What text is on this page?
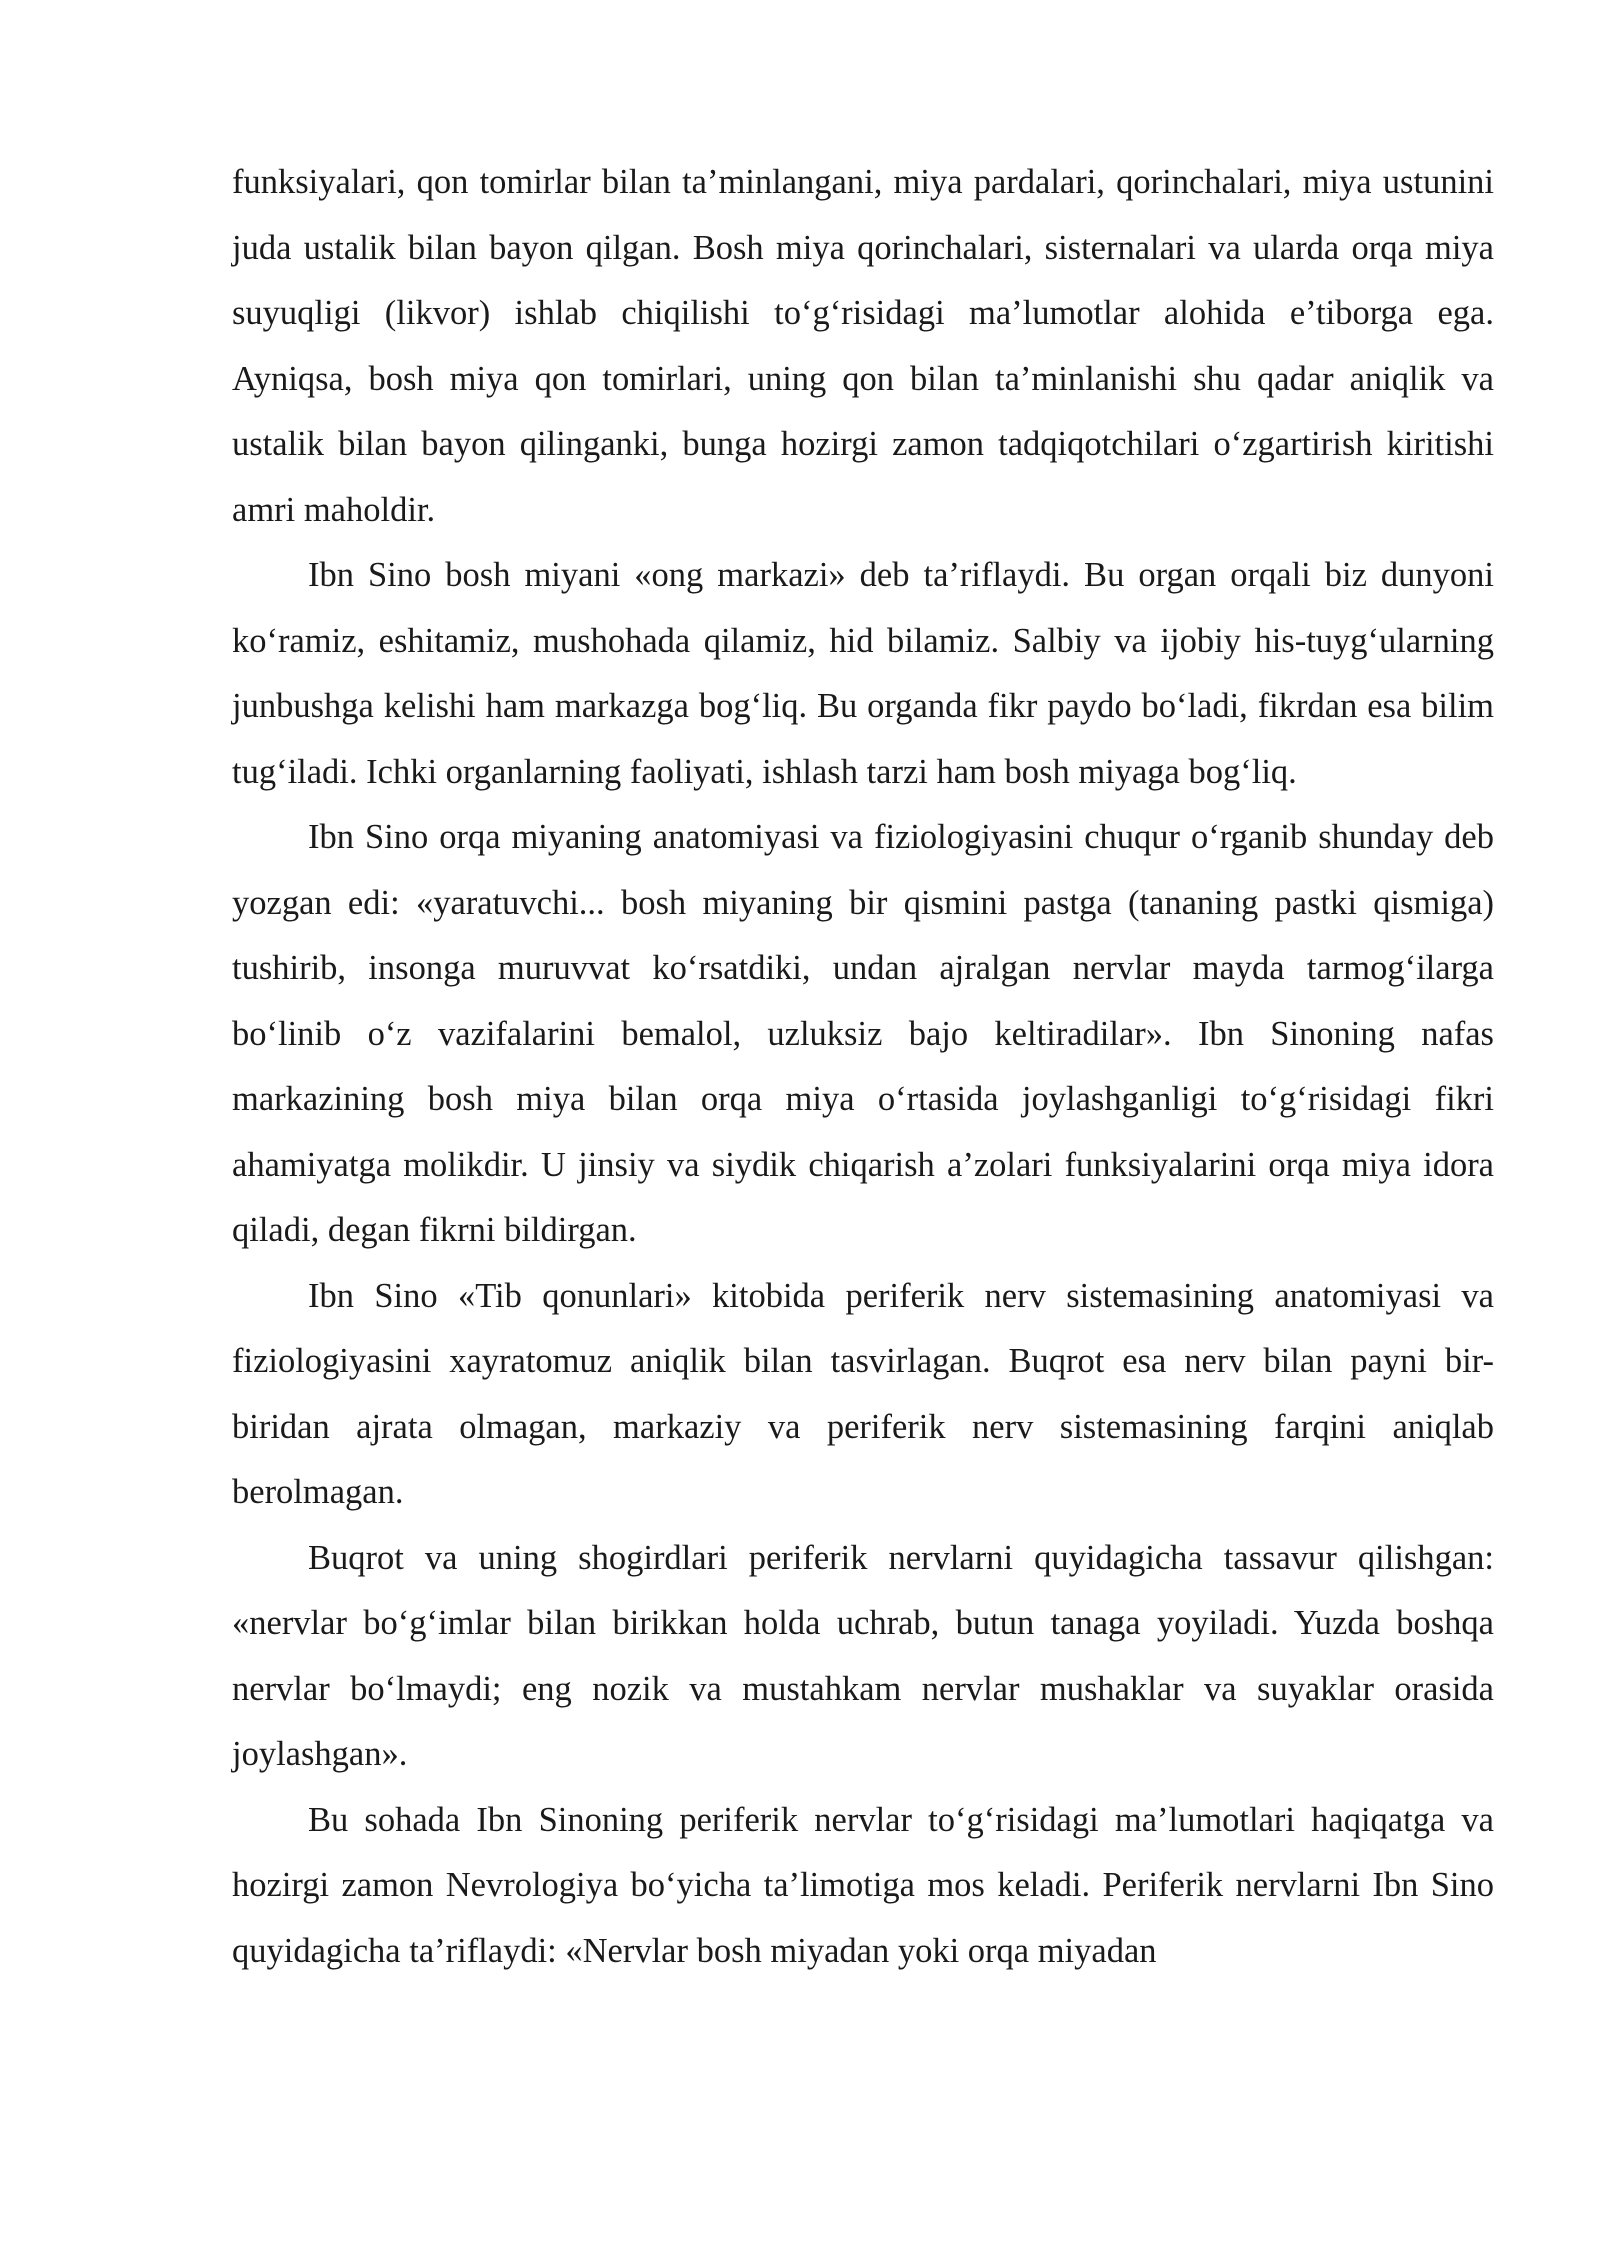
funksiyalari, qon tomirlar bilan ta’minlangani, miya pardalari, qorinchalari, miya ustunini juda ustalik bilan bayon qilgan. Bosh miya qorinchalari, sisternalari va ularda orqa miya suyuqligi (likvor) ishlab chiqilishi to‘g‘risidagi ma’lumotlar alohida e’tiborga ega. Ayniqsa, bosh miya qon tomirlari, uning qon bilan ta’minlanishi shu qadar aniqlik va ustalik bilan bayon qilinganki, bunga hozirgi zamon tadqiqotchilari o‘zgartirish kiritishi amri maholdir.

Ibn Sino bosh miyani «ong markazi» deb ta’riflaydi. Bu organ orqali biz dunyoni ko‘ramiz, eshitamiz, mushohada qilamiz, hid bilamiz. Salbiy va ijobiy his-tuyg‘ularning junbushga kelishi ham markazga bog‘liq. Bu organda fikr paydo bo‘ladi, fikrdan esa bilim tug‘iladi. Ichki organlarning faoliyati, ishlash tarzi ham bosh miyaga bog‘liq.

Ibn Sino orqa miyaning anatomiyasi va fiziologiyasini chuqur o‘rganib shunday deb yozgan edi: «yaratuvchi... bosh miyaning bir qismini pastga (tananing pastki qismiga) tushirib, insonga muruvvat ko‘rsatdiki, undan ajralgan nervlar mayda tarmog‘ilarga bo‘linib o‘z vazifalarini bemalol, uzluksiz bajo keltiradilar». Ibn Sinoning nafas markazining bosh miya bilan orqa miya o‘rtasida joylashganligi to‘g‘risidagi fikri ahamiyatga molikdir. U jinsiy va siydik chiqarish a’zolari funksiyalarini orqa miya idora qiladi, degan fikrni bildirgan.

Ibn Sino «Tib qonunlari» kitobida periferik nerv sistemasining anatomiyasi va fiziologiyasini xayratomuz aniqlik bilan tasvirlagan. Buqrot esa nerv bilan payni bir-biridan ajrata olmagan, markaziy va periferik nerv sistemasining farqini aniqlab berolmagan.

Buqrot va uning shogirdlari periferik nervlarni quyidagicha tassavur qilishgan: «nervlar bo‘g‘imlar bilan birikkan holda uchrab, butun tanaga yoyiladi. Yuzda boshqa nervlar bo‘lmaydi; eng nozik va mustahkam nervlar mushaklar va suyaklar orasida joylashgan».

Bu sohada Ibn Sinoning periferik nervlar to‘g‘risidagi ma’lumotlari haqiqatga va hozirgi zamon Nevrologiya bo‘yicha ta’limotiga mos keladi. Periferik nervlarni Ibn Sino quyidagicha ta’riflaydi: «Nervlar bosh miyadan yoki orqa miyadan
